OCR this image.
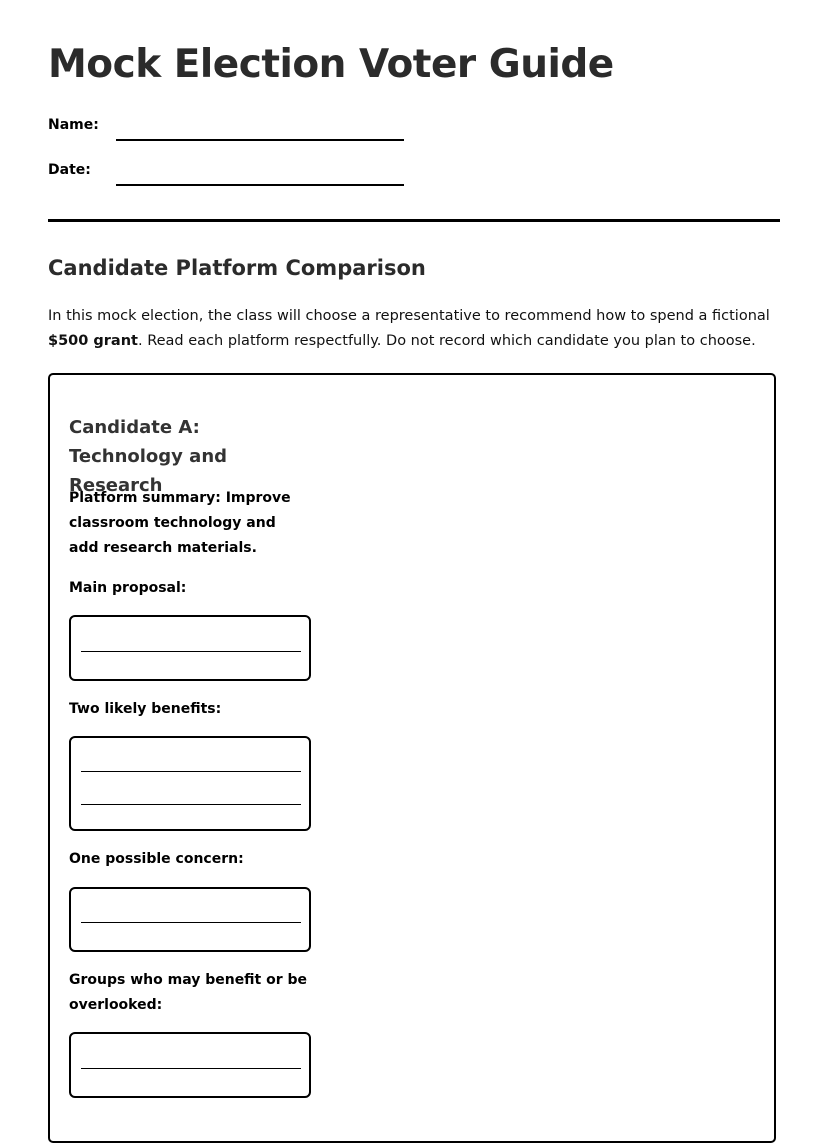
Mock Election Voter Guide
Name:
Date:
Candidate Platform Comparison

In this mock election, the class will choose a representative to recommend how to spend a fictional $500 grant. Read each platform respectfully. Do not record which candidate you plan to choose.

Candidate A: Technology and Research

Platform summary: Improve classroom technology and add research materials.

Main proposal:

Two likely benefits:

One possible concern:

Groups who may benefit or be overlooked:
